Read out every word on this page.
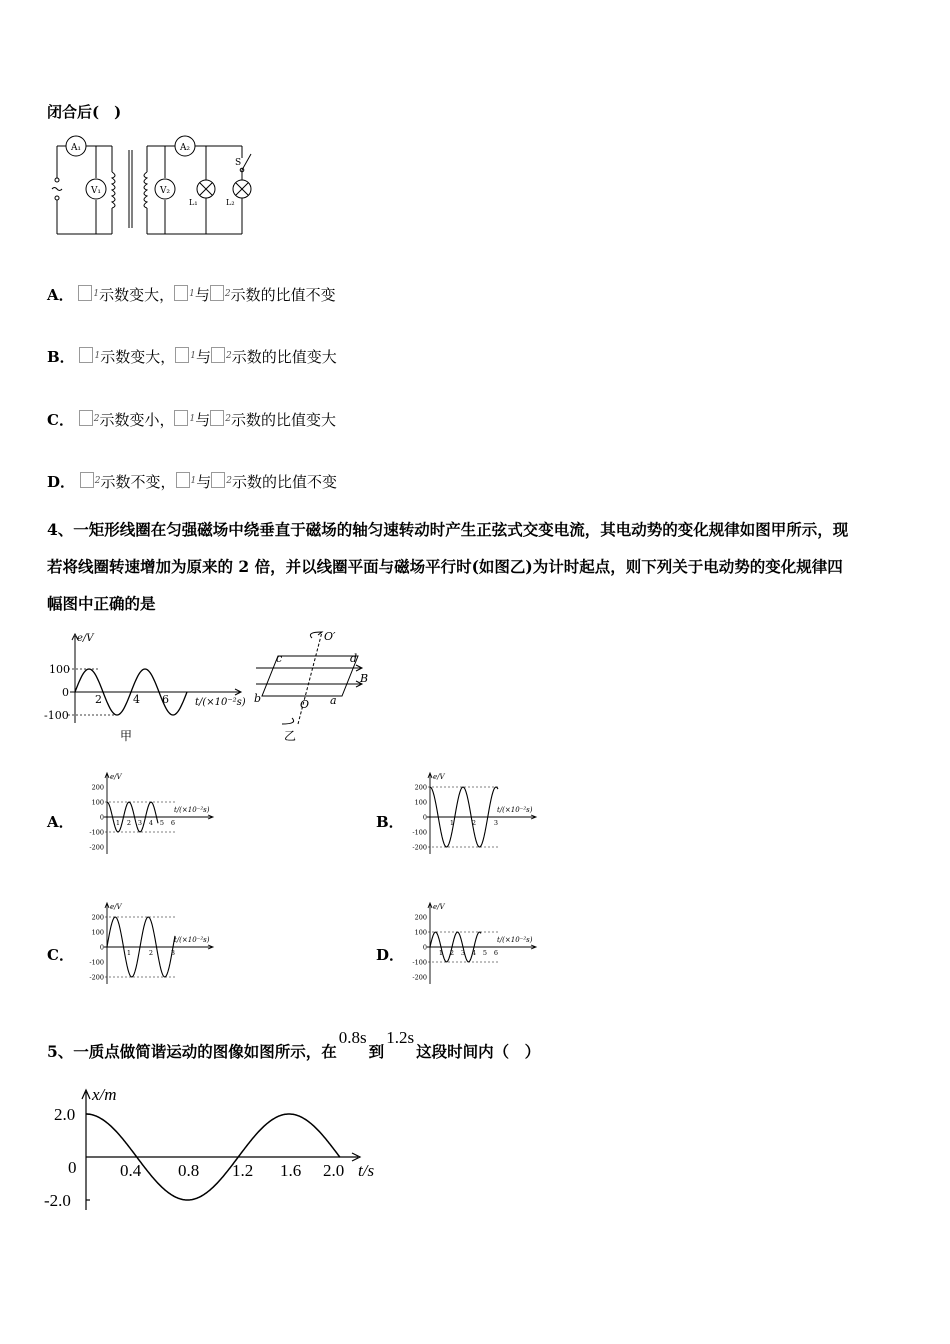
闭合后(　)
A₁
V₁
A₂
V₂
S
L₁	L₂
A． $^1$示数变大， $^1$与 $^2$示数的比值不变
B． $^1$示数变大， $^1$与 $^2$示数的比值变大
C． $^2$示数变小， $^1$与 $^2$示数的比值变大
D． $^2$示数不变， $^1$与 $^2$示数的比值不变
4、一矩形线圈在匀强磁场中绕垂直于磁场的轴匀速转动时产生正弦式交变电流，其电动势的变化规律如图甲所示，现
若将线圈转速增加为原来的 2 倍，并以线圈平面与磁场平行时(如图乙)为计时起点，则下列关于电动势的变化规律四
幅图中正确的是
e/V
100
0
-100
2	4 6	t/(×10⁻²s)
甲
O′
O a
b
c	d
B
乙
A．
e/V
200
100
0
-100
-200
1 2 3 4 5 6
t/(×10⁻²s)
B．
e/V
200
100
0
-100
-200
1	2	3
t/(×10⁻²s)
C．
e/V
200
100
0
-100
-200
1	2	3
t/(×10⁻²s)
D．
e/V
200
100
0
-100
-200
1 2 3 4 5 6
t/(×10⁻²s)
5、一质点做简谐运动的图像如图所示，在0.8s到1.2s这段时间内（　）
x/m
2.0
0
-2.0
0.4 0.8 1.2 1.6 2.0 t/s
